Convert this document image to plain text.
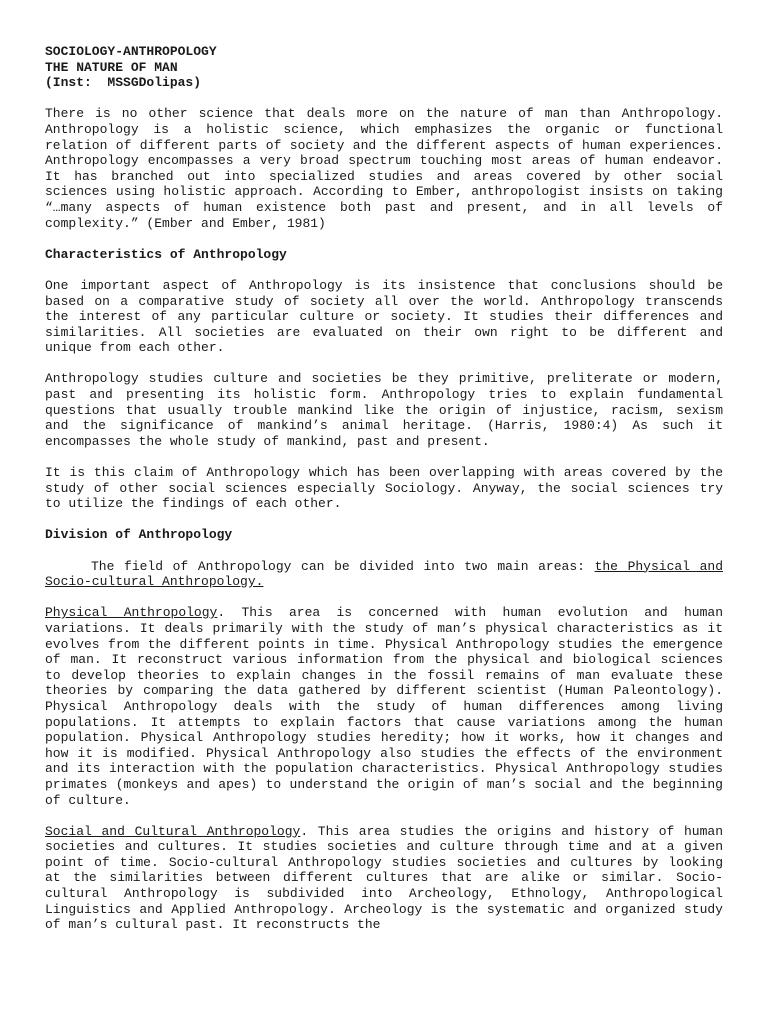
SOCIOLOGY-ANTHROPOLOGY
THE NATURE OF MAN
(Inst:  MSSGDolipas)

There is no other science that deals more on the nature of man than Anthropology. Anthropology is a holistic science, which emphasizes the organic or functional relation of different parts of society and the different aspects of human experiences. Anthropology encompasses a very broad spectrum touching most areas of human endeavor. It has branched out into specialized studies and areas covered by other social sciences using holistic approach. According to Ember, anthropologist insists on taking “…many aspects of human existence both past and present, and in all levels of complexity.” (Ember and Ember, 1981)

Characteristics of Anthropology

One important aspect of Anthropology is its insistence that conclusions should be based on a comparative study of society all over the world. Anthropology transcends the interest of any particular culture or society. It studies their differences and similarities. All societies are evaluated on their own right to be different and unique from each other.

Anthropology studies culture and societies be they primitive, preliterate or modern, past and presenting its holistic form. Anthropology tries to explain fundamental questions that usually trouble mankind like the origin of injustice, racism, sexism and the significance of mankind’s animal heritage. (Harris, 1980:4) As such it encompasses the whole study of mankind, past and present.

It is this claim of Anthropology which has been overlapping with areas covered by the study of other social sciences especially Sociology. Anyway, the social sciences try to utilize the findings of each other.

Division of Anthropology

The field of Anthropology can be divided into two main areas: the Physical and Socio-cultural Anthropology.

Physical Anthropology. This area is concerned with human evolution and human variations. It deals primarily with the study of man’s physical characteristics as it evolves from the different points in time. Physical Anthropology studies the emergence of man. It reconstruct various information from the physical and biological sciences to develop theories to explain changes in the fossil remains of man evaluate these theories by comparing the data gathered by different scientist (Human Paleontology). Physical Anthropology deals with the study of human differences among living populations. It attempts to explain factors that cause variations among the human population. Physical Anthropology studies heredity; how it works, how it changes and how it is modified. Physical Anthropology also studies the effects of the environment and its interaction with the population characteristics. Physical Anthropology studies primates (monkeys and apes) to understand the origin of man’s social and the beginning of culture.

Social and Cultural Anthropology. This area studies the origins and history of human societies and cultures. It studies societies and culture through time and at a given point of time. Socio-cultural Anthropology studies societies and cultures by looking at the similarities between different cultures that are alike or similar. Socio-cultural Anthropology is subdivided into Archeology, Ethnology, Anthropological Linguistics and Applied Anthropology. Archeology is the systematic and organized study of man’s cultural past. It reconstructs the
